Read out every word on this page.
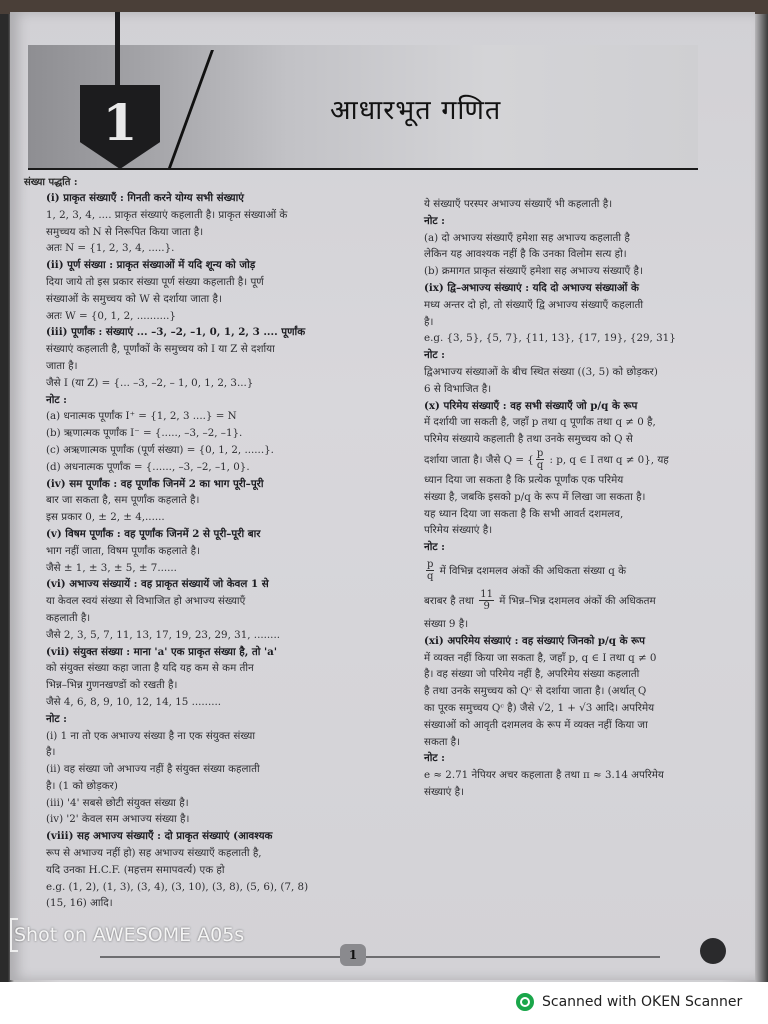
1	आधारभूत गणित
संख्या पद्धति :

(i) प्राकृत संख्याएँ : गिनती करने योग्य सभी संख्याएं

1, 2, 3, 4, .... प्राकृत संख्याएं कहलाती है। प्राकृत संख्याओं के

समुच्चय को N से निरूपित किया जाता है।

अतः N = {1, 2, 3, 4, .....}.

(ii) पूर्ण संख्या : प्राकृत संख्याओं में यदि शून्य को जोड़

दिया जाये तो इस प्रकार संख्या पूर्ण संख्या कहलाती है। पूर्ण

संख्याओं के समुच्चय को W से दर्शाया जाता है।

अतः W = {0, 1, 2, ..........}

(iii) पूर्णांक : संख्याएं ... –3, –2, –1, 0, 1, 2, 3 .... पूर्णांक

संख्याएं कहलाती है, पूर्णांकों के समुच्चय को I या Z से दर्शाया

जाता है।

जैसे I (या Z) = {... –3, –2, – 1, 0, 1, 2, 3...}

नोट :

(a) धनात्मक पूर्णांक I⁺ = {1, 2, 3 ....} = N

(b) ऋणात्मक पूर्णांक I⁻ = {....., –3, –2, –1}.

(c) अऋणात्मक पूर्णांक (पूर्ण संख्या) = {0, 1, 2, ......}.

(d) अधनात्मक पूर्णांक = {......, –3, –2, –1, 0}.

(iv) सम पूर्णांक : वह पूर्णांक जिनमें 2 का भाग पूरी–पूरी

बार जा सकता है, सम पूर्णांक कहलाते है।

इस प्रकार 0, ± 2, ± 4,......

(v) विषम पूर्णांक : वह पूर्णांक जिनमें 2 से पूरी–पूरी बार

भाग नहीं जाता, विषम पूर्णांक कहलाते है।

जैसे ± 1, ± 3, ± 5, ± 7......

(vi) अभाज्य संख्यायें : वह प्राकृत संख्यायें जो केवल 1 से

या केवल स्वयं संख्या से विभाजित हो अभाज्य संख्याएँ

कहलाती है।

जैसे 2, 3, 5, 7, 11, 13, 17, 19, 23, 29, 31, ........

(vii) संयुक्त संख्या : माना 'a' एक प्राकृत संख्या है, तो 'a'

को संयुक्त संख्या कहा जाता है यदि यह कम से कम तीन

भिन्न–भिन्न गुणनखण्डों को रखती है।

जैसे 4, 6, 8, 9, 10, 12, 14, 15 .........

नोट :

(i) 1 ना तो एक अभाज्य संख्या है ना एक संयुक्त संख्या

है।

(ii) वह संख्या जो अभाज्य नहीं है संयुक्त संख्या कहलाती

है। (1 को छोड़कर)

(iii) '4' सबसे छोटी संयुक्त संख्या है।

(iv) '2' केवल सम अभाज्य संख्या है।

(viii) सह अभाज्य संख्याएँ : दो प्राकृत संख्याएं (आवश्यक

रूप से अभाज्य नहीं हो) सह अभाज्य संख्याएँ कहलाती है,

यदि उनका H.C.F. (महत्तम समापवर्त्य) एक हो

e.g. (1, 2), (1, 3), (3, 4), (3, 10), (3, 8), (5, 6), (7, 8)

(15, 16) आदि।

ये संख्याएँ परस्पर अभाज्य संख्याएँ भी कहलाती है।

नोट :

(a) दो अभाज्य संख्याएँ हमेशा सह अभाज्य कहलाती है

लेकिन यह आवश्यक नहीं है कि उनका विलोम सत्य हो।

(b) क्रमागत प्राकृत संख्याएँ हमेशा सह अभाज्य संख्याएँ है।

(ix) द्वि–अभाज्य संख्याएं : यदि दो अभाज्य संख्याओं के

मध्य अन्तर दो हो, तो संख्याएँ द्वि अभाज्य संख्याएँ कहलाती

है।

e.g. {3, 5}, {5, 7}, {11, 13}, {17, 19}, {29, 31}

नोट :

द्विअभाज्य संख्याओं के बीच स्थित संख्या ((3, 5) को छोड़कर)

6 से विभाजित है।

(x) परिमेय संख्याएँ : वह सभी संख्याएँ जो p/q के रूप

में दर्शायी जा सकती है, जहाँ p तथा q पूर्णांक तथा q ≠ 0 है,

परिमेय संख्याये कहलाती है तथा उनके समुच्चय को Q से

दर्शाया जाता है। जैसे Q = { $\frac{p}{q}$ : p, q ∈ I तथा q ≠ 0}, यह

ध्यान दिया जा सकता है कि प्रत्येक पूर्णांक एक परिमेय

संख्या है, जबकि इसको p/q के रूप में लिखा जा सकता है।

यह ध्यान दिया जा सकता है कि सभी आवर्त दशमलव,

परिमेय संख्याएं है।

नोट :

$\frac{p}{q}$ में विभिन्न दशमलव अंकों की अधिकता संख्या q के

बराबर है तथा $\frac{11}{9}$ में भिन्न–भिन्न दशमलव अंकों की अधिकतम

संख्या 9 है।

(xi) अपरिमेय संख्याएं : वह संख्याएं जिनको p/q के रूप

में व्यक्त नहीं किया जा सकता है, जहाँ p, q ∈ I तथा q ≠ 0

है। वह संख्या जो परिमेय नहीं है, अपरिमेय संख्या कहलाती

है तथा उनके समुच्चय को Qᶜ से दर्शाया जाता है। (अर्थात् Q

का पूरक समुच्चय Qᶜ है) जैसे √2, 1 + √3 आदि। अपरिमेय

संख्याओं को आवृती दशमलव के रूप में व्यक्त नहीं किया जा

सकता है।

नोट :

e ≈ 2.71 नेपियर अचर कहलाता है तथा π ≈ 3.14 अपरिमेय

संख्याएं है।

1
Shot on AWESOME A05s
Scanned with OKEN Scanner
